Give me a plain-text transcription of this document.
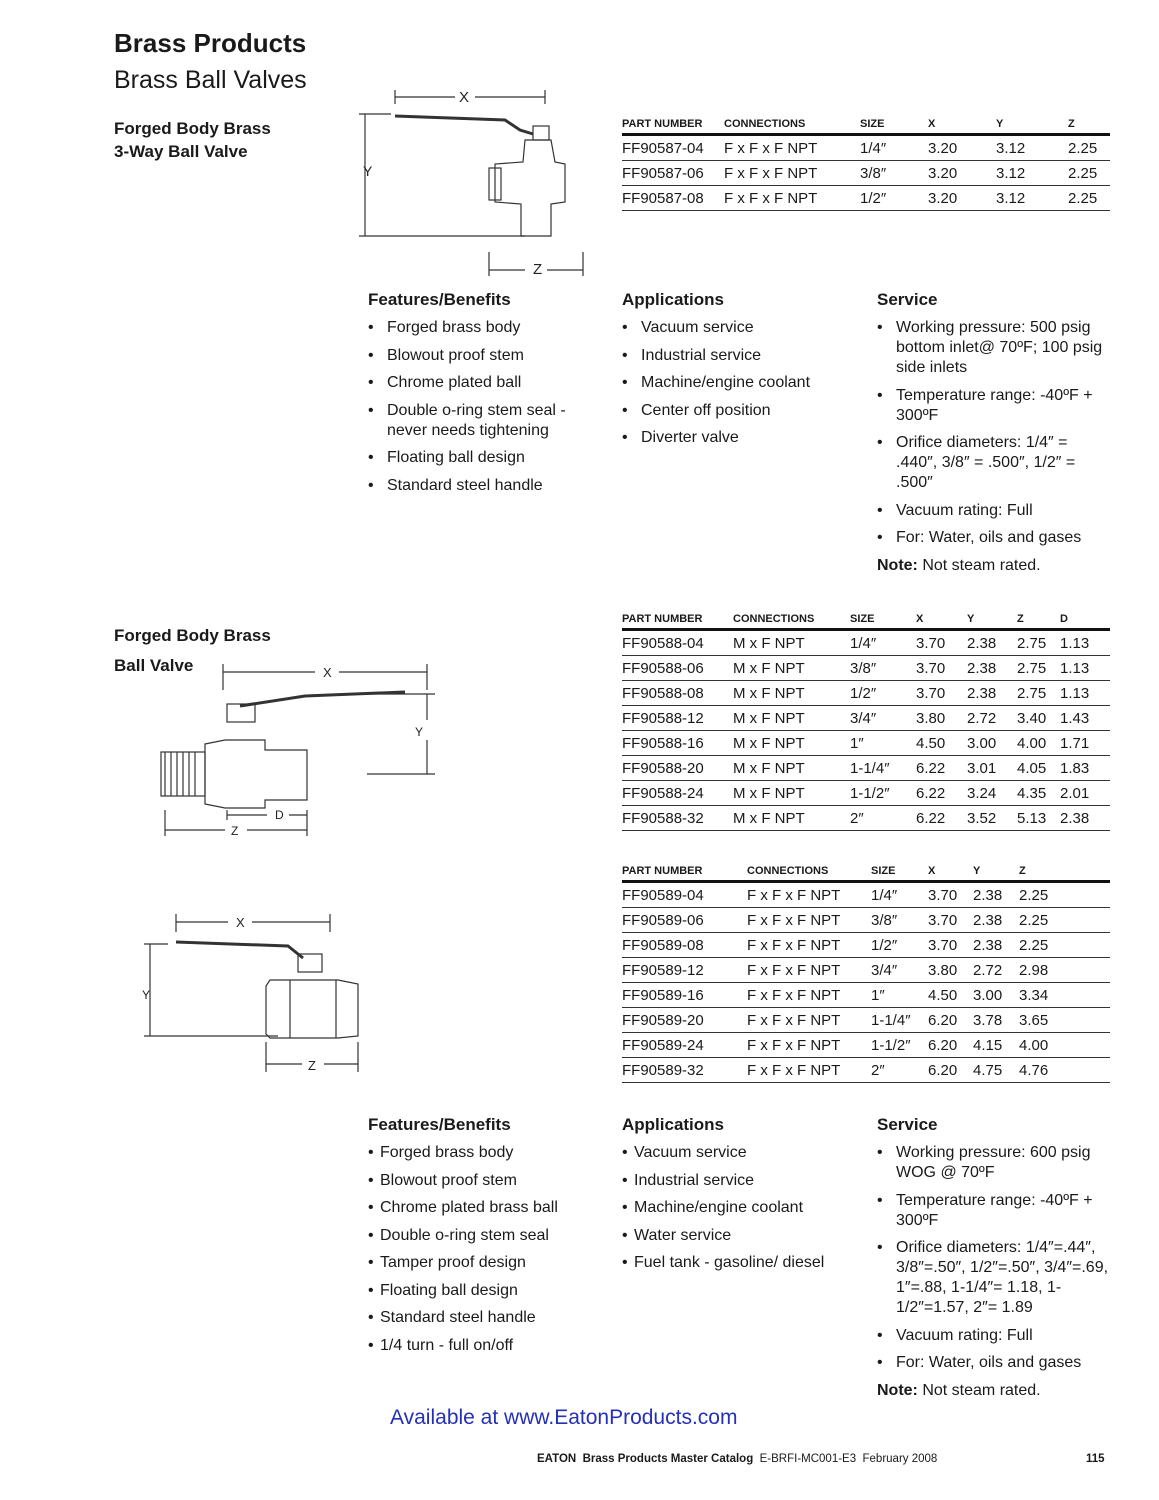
Brass Products
Brass Ball Valves
Forged Body Brass
3-Way Ball Valve
X
Y
Z
PART NUMBER	CONNECTIONS	SIZE	X	Y	Z
FF90587-04	F x F x F NPT	1/4″	3.20	3.12	2.25
FF90587-06	F x F x F NPT	3/8″	3.20	3.12	2.25
FF90587-08	F x F x F NPT	1/2″	3.20	3.12	2.25
Features/Benefits
• Forged brass body
• Blowout proof stem
• Chrome plated ball
• Double o-ring stem seal - never needs tightening
• Floating ball design
• Standard steel handle
Applications
• Vacuum service
• Industrial service
• Machine/engine coolant
• Center off position
• Diverter valve
Service
• Working pressure: 500 psig bottom inlet@ 70ºF; 100 psig side inlets
• Temperature range: -40ºF + 300ºF
• Orifice diameters: 1/4″ = .440″, 3/8″ = .500″, 1/2″ = .500″
• Vacuum rating: Full
• For: Water, oils and gases
Note: Not steam rated.
Forged Body Brass
Ball Valve	X
Y
Z
D
X
Y
Z
PART NUMBER	CONNECTIONS	SIZE	X	Y	Z	D
FF90588-04	M x F NPT	1/4″	3.70	2.38	2.75	1.13
FF90588-06	M x F NPT	3/8″	3.70	2.38	2.75	1.13
FF90588-08	M x F NPT	1/2″	3.70	2.38	2.75	1.13
FF90588-12	M x F NPT	3/4″	3.80	2.72	3.40	1.43
FF90588-16	M x F NPT	1″	4.50	3.00	4.00	1.71
FF90588-20	M x F NPT	1-1/4″	6.22	3.01	4.05	1.83
FF90588-24	M x F NPT	1-1/2″	6.22	3.24	4.35	2.01
FF90588-32	M x F NPT	2″	6.22	3.52	5.13	2.38
PART NUMBER	CONNECTIONS	SIZE	X	Y	Z
FF90589-04	F x F x F NPT	1/4″	3.70	2.38	2.25
FF90589-06	F x F x F NPT	3/8″	3.70	2.38	2.25
FF90589-08	F x F x F NPT	1/2″	3.70	2.38	2.25
FF90589-12	F x F x F NPT	3/4″	3.80	2.72	2.98
FF90589-16	F x F x F NPT	1″	4.50	3.00	3.34
FF90589-20	F x F x F NPT	1-1/4″	6.20	3.78	3.65
FF90589-24	F x F x F NPT	1-1/2″	6.20	4.15	4.00
FF90589-32	F x F x F NPT	2″	6.20	4.75	4.76
Features/Benefits
• Forged brass body
• Blowout proof stem
• Chrome plated brass ball
• Double o-ring stem seal
• Tamper proof design
• Floating ball design
• Standard steel handle
• 1/4 turn - full on/off
Applications
• Vacuum service
• Industrial service
• Machine/engine coolant
• Water service
• Fuel tank - gasoline/ diesel
Service
• Working pressure: 600 psig WOG @ 70ºF
• Temperature range: -40ºF + 300ºF
• Orifice diameters: 1/4″=.44″, 3/8″=.50″, 1/2″=.50″, 3/4″=.69, 1″=.88, 1-1/4″= 1.18, 1-1/2″=1.57, 2″= 1.89
• Vacuum rating: Full
• For: Water, oils and gases
Note: Not steam rated.
Available at www.EatonProducts.com
EATON Brass Products Master Catalog E-BRFI-MC001-E3 February 2008	115
